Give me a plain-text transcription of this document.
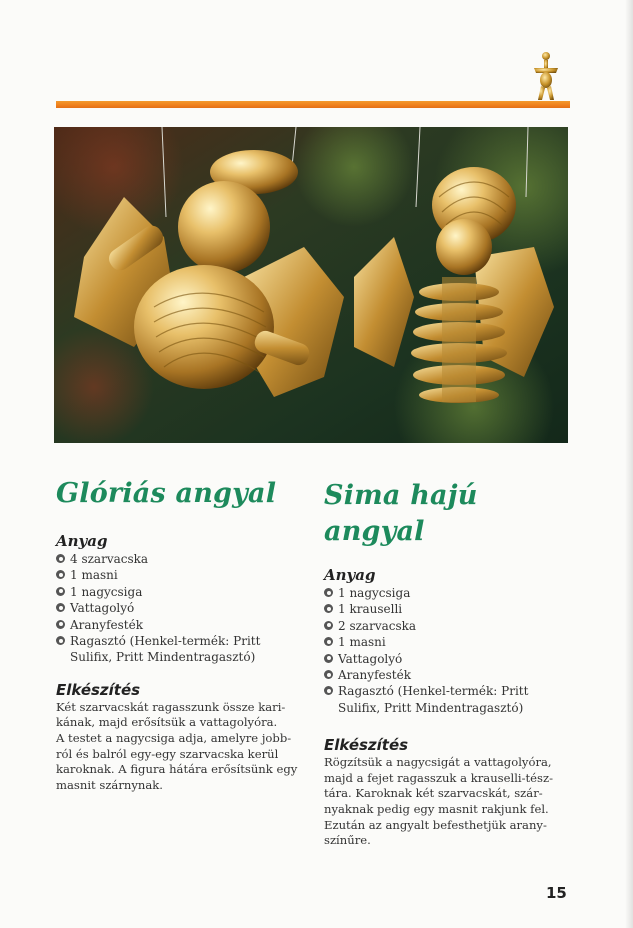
Glóriás angyal
Anyag
4 szarvacska
1 masni
1 nagycsiga
Vattagolyó
Aranyfesték
Ragasztó (Henkel-termék: Pritt Sulifix, Pritt Mindentragasztó)
Elkészítés

Két szarvacskát ragasszunk össze kari-

kának, majd erősítsük a vattagolyóra.

A testet a nagycsiga adja, amelyre jobb-

ról és balról egy-egy szarvacska kerül

karoknak. A figura hátára erősítsünk egy

masnit szárnynak.

Sima hajú
angyal
Anyag
1 nagycsiga
1 krauselli
2 szarvacska
1 masni
Vattagolyó
Aranyfesték
Ragasztó (Henkel-termék: Pritt Sulifix, Pritt Mindentragasztó)
Elkészítés

Rögzítsük a nagycsigát a vattagolyóra,

majd a fejet ragasszuk a krauselli-tész-

tára. Karoknak két szarvacskát, szár-

nyaknak pedig egy masnit rakjunk fel.

Ezután az angyalt befesthetjük arany-

színűre.

15
